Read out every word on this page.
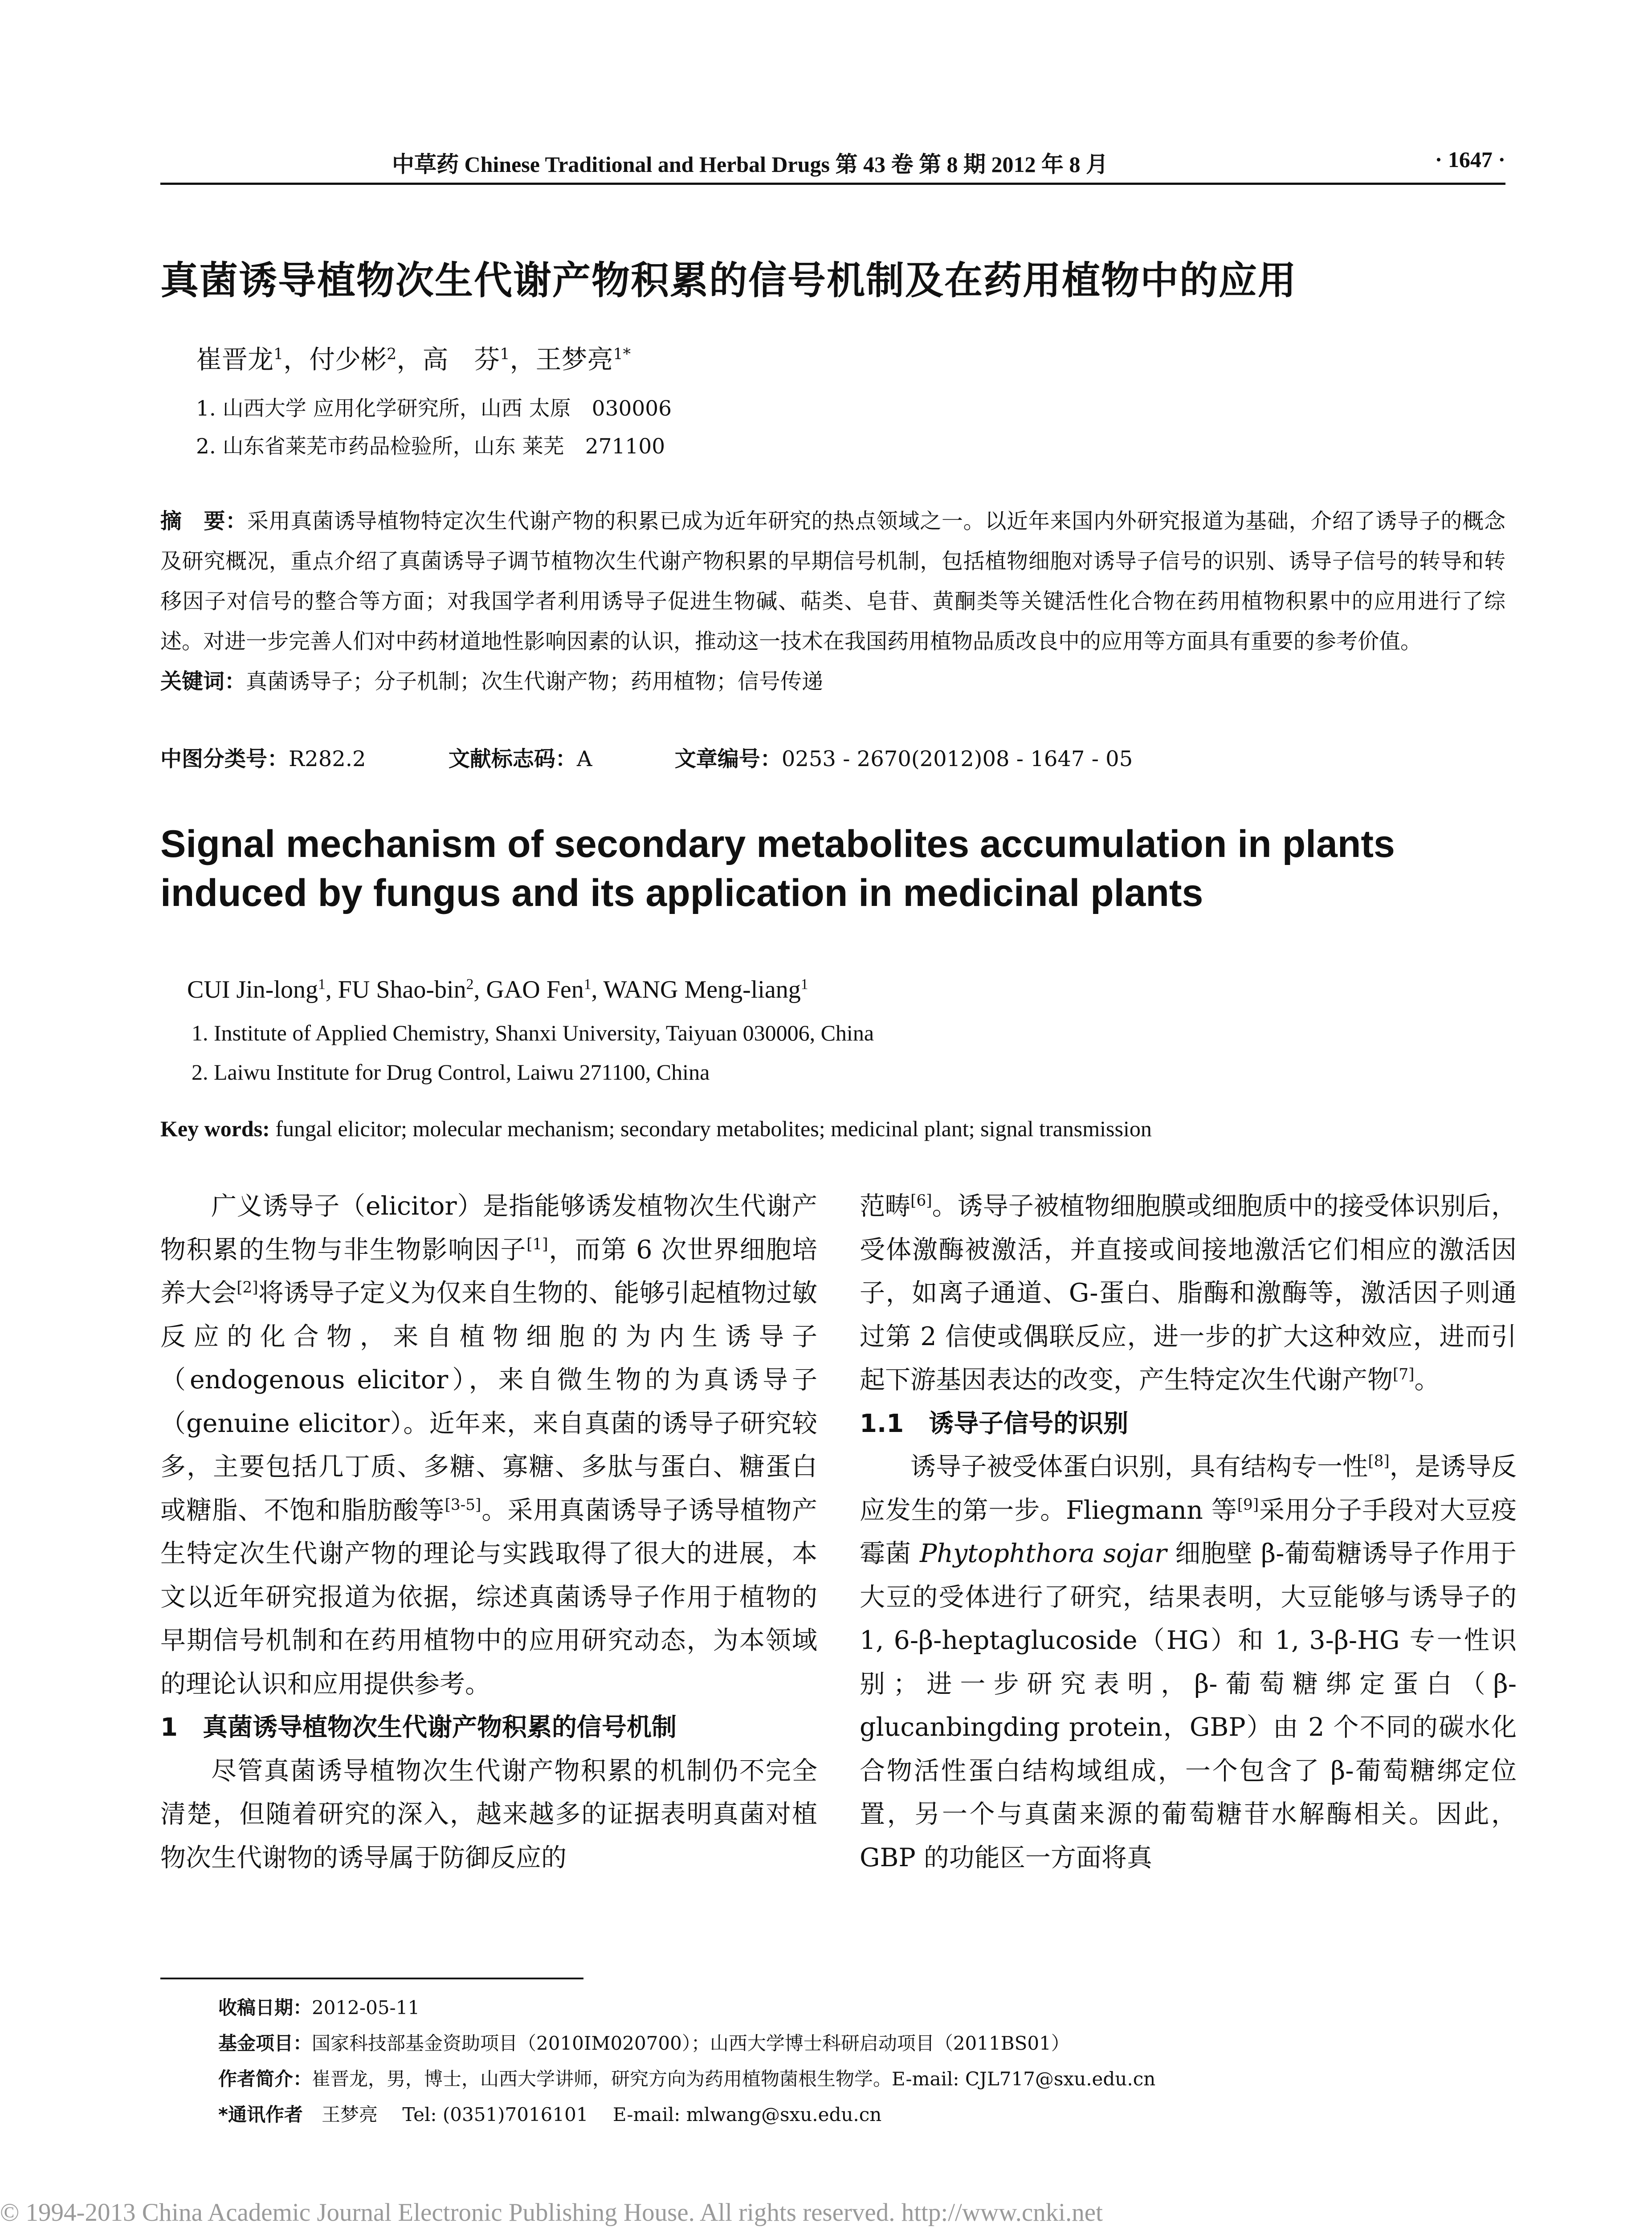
中草药 Chinese Traditional and Herbal Drugs 第 43 卷 第 8 期 2012 年 8 月	· 1647 ·
真菌诱导植物次生代谢产物积累的信号机制及在药用植物中的应用
崔晋龙$^1$，付少彬$^2$，高　芬$^1$，王梦亮$^{1*}$
1. 山西大学 应用化学研究所，山西 太原　030006
2. 山东省莱芜市药品检验所，山东 莱芜　271100
摘　要：采用真菌诱导植物特定次生代谢产物的积累已成为近年研究的热点领域之一。以近年来国内外研究报道为基础，介绍了诱导子的概念及研究概况，重点介绍了真菌诱导子调节植物次生代谢产物积累的早期信号机制，包括植物细胞对诱导子信号的识别、诱导子信号的转导和转移因子对信号的整合等方面；对我国学者利用诱导子促进生物碱、萜类、皂苷、黄酮类等关键活性化合物在药用植物积累中的应用进行了综述。对进一步完善人们对中药材道地性影响因素的认识，推动这一技术在我国药用植物品质改良中的应用等方面具有重要的参考价值。
关键词：真菌诱导子；分子机制；次生代谢产物；药用植物；信号传递
中图分类号：R282.2	文献标志码：A	文章编号：0253 - 2670(2012)08 - 1647 - 05
Signal mechanism of secondary metabolites accumulation in plants induced by fungus and its application in medicinal plants
CUI Jin-long$^1$, FU Shao-bin$^2$, GAO Fen$^1$, WANG Meng-liang$^1$
1. Institute of Applied Chemistry, Shanxi University, Taiyuan 030006, China
2. Laiwu Institute for Drug Control, Laiwu 271100, China
Key words: fungal elicitor; molecular mechanism; secondary metabolites; medicinal plant; signal transmission

广义诱导子（elicitor）是指能够诱发植物次生代谢产物积累的生物与非生物影响因子[1]，而第 6 次世界细胞培养大会[2]将诱导子定义为仅来自生物的、能够引起植物过敏反应的化合物，来自植物细胞的为内生诱导子（endogenous elicitor），来自微生物的为真诱导子（genuine elicitor）。近年来，来自真菌的诱导子研究较多，主要包括几丁质、多糖、寡糖、多肽与蛋白、糖蛋白或糖脂、不饱和脂肪酸等[3-5]。采用真菌诱导子诱导植物产生特定次生代谢产物的理论与实践取得了很大的进展，本文以近年研究报道为依据，综述真菌诱导子作用于植物的早期信号机制和在药用植物中的应用研究动态，为本领域的理论认识和应用提供参考。

1　真菌诱导植物次生代谢产物积累的信号机制

尽管真菌诱导植物次生代谢产物积累的机制仍不完全清楚，但随着研究的深入，越来越多的证据表明真菌对植物次生代谢物的诱导属于防御反应的

范畴[6]。诱导子被植物细胞膜或细胞质中的接受体识别后，受体激酶被激活，并直接或间接地激活它们相应的激活因子，如离子通道、G-蛋白、脂酶和激酶等，激活因子则通过第 2 信使或偶联反应，进一步的扩大这种效应，进而引起下游基因表达的改变，产生特定次生代谢产物[7]。

1.1　诱导子信号的识别

诱导子被受体蛋白识别，具有结构专一性[8]，是诱导反应发生的第一步。Fliegmann 等[9]采用分子手段对大豆疫霉菌 Phytophthora sojar 细胞壁 β-葡萄糖诱导子作用于大豆的受体进行了研究，结果表明，大豆能够与诱导子的 1, 6-β-heptaglucoside（HG）和 1, 3-β-HG 专一性识别；进一步研究表明，β-葡萄糖绑定蛋白（β-glucanbingding protein，GBP）由 2 个不同的碳水化合物活性蛋白结构域组成，一个包含了 β-葡萄糖绑定位置，另一个与真菌来源的葡萄糖苷水解酶相关。因此，GBP 的功能区一方面将真

收稿日期：2012-05-11
基金项目：国家科技部基金资助项目（2010IM020700）；山西大学博士科研启动项目（2011BS01）
作者简介：崔晋龙，男，博士，山西大学讲师，研究方向为药用植物菌根生物学。E-mail: CJL717@sxu.edu.cn
*通讯作者　王梦亮　 Tel: (0351)7016101　 E-mail: mlwang@sxu.edu.cn
© 1994-2013 China Academic Journal Electronic Publishing House. All rights reserved. http://www.cnki.net
